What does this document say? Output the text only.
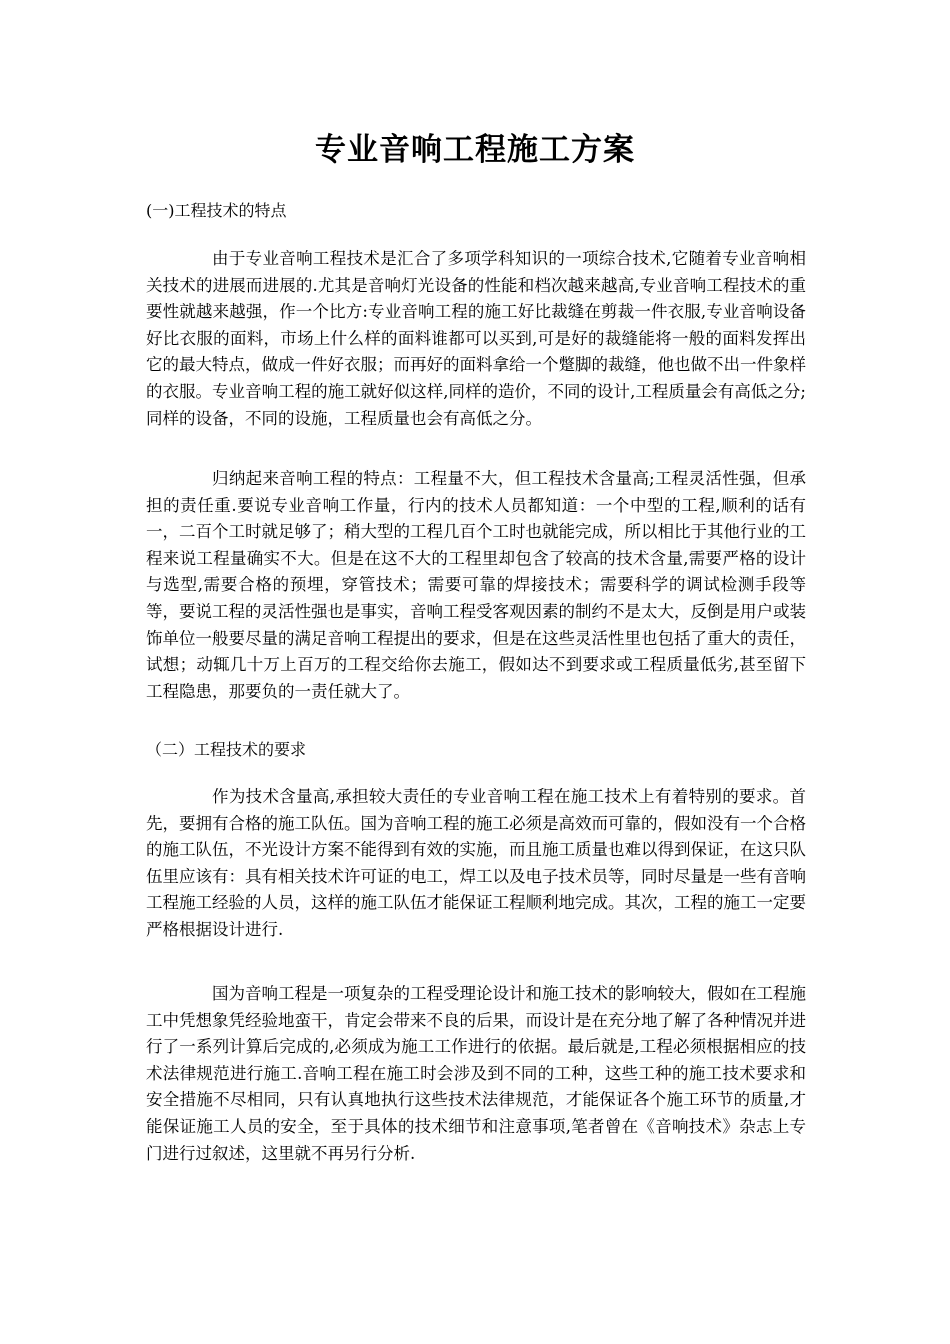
专业音响工程施工方案
(一)工程技术的特点

由于专业音响工程技术是汇合了多项学科知识的一项综合技术,它随着专业音响相关技术的进展而进展的.尤其是音响灯光设备的性能和档次越来越高,专业音响工程技术的重要性就越来越强，作一个比方:专业音响工程的施工好比裁缝在剪裁一件衣服,专业音响设备好比衣服的面料，市场上什么样的面料谁都可以买到,可是好的裁缝能将一般的面料发挥出它的最大特点，做成一件好衣服；而再好的面料拿给一个蹩脚的裁缝，他也做不出一件象样的衣服。专业音响工程的施工就好似这样,同样的造价，不同的设计,工程质量会有高低之分;同样的设备，不同的设施，工程质量也会有高低之分。

归纳起来音响工程的特点：工程量不大，但工程技术含量高;工程灵活性强，但承担的责任重.要说专业音响工作量，行内的技术人员都知道：一个中型的工程,顺利的话有一，二百个工时就足够了；稍大型的工程几百个工时也就能完成，所以相比于其他行业的工程来说工程量确实不大。但是在这不大的工程里却包含了较高的技术含量,需要严格的设计与选型,需要合格的预埋，穿管技术；需要可靠的焊接技术；需要科学的调试检测手段等等，要说工程的灵活性强也是事实，音响工程受客观因素的制约不是太大，反倒是用户或装饰单位一般要尽量的满足音响工程提出的要求，但是在这些灵活性里也包括了重大的责任，试想；动辄几十万上百万的工程交给你去施工，假如达不到要求或工程质量低劣,甚至留下工程隐患，那要负的一责任就大了。

（二）工程技术的要求

作为技术含量高,承担较大责任的专业音响工程在施工技术上有着特别的要求。首先，要拥有合格的施工队伍。国为音响工程的施工必须是高效而可靠的，假如没有一个合格的施工队伍，不光设计方案不能得到有效的实施，而且施工质量也难以得到保证，在这只队伍里应该有：具有相关技术许可证的电工，焊工以及电子技术员等，同时尽量是一些有音响工程施工经验的人员，这样的施工队伍才能保证工程顺利地完成。其次，工程的施工一定要严格根据设计进行.

国为音响工程是一项复杂的工程受理论设计和施工技术的影响较大，假如在工程施工中凭想象凭经验地蛮干，肯定会带来不良的后果，而设计是在充分地了解了各种情况并进行了一系列计算后完成的,必须成为施工工作进行的依据。最后就是,工程必须根据相应的技术法律规范进行施工.音响工程在施工时会涉及到不同的工种，这些工种的施工技术要求和安全措施不尽相同，只有认真地执行这些技术法律规范，才能保证各个施工环节的质量,才能保证施工人员的安全，至于具体的技术细节和注意事项,笔者曾在《音响技术》杂志上专门进行过叙述，这里就不再另行分析.
